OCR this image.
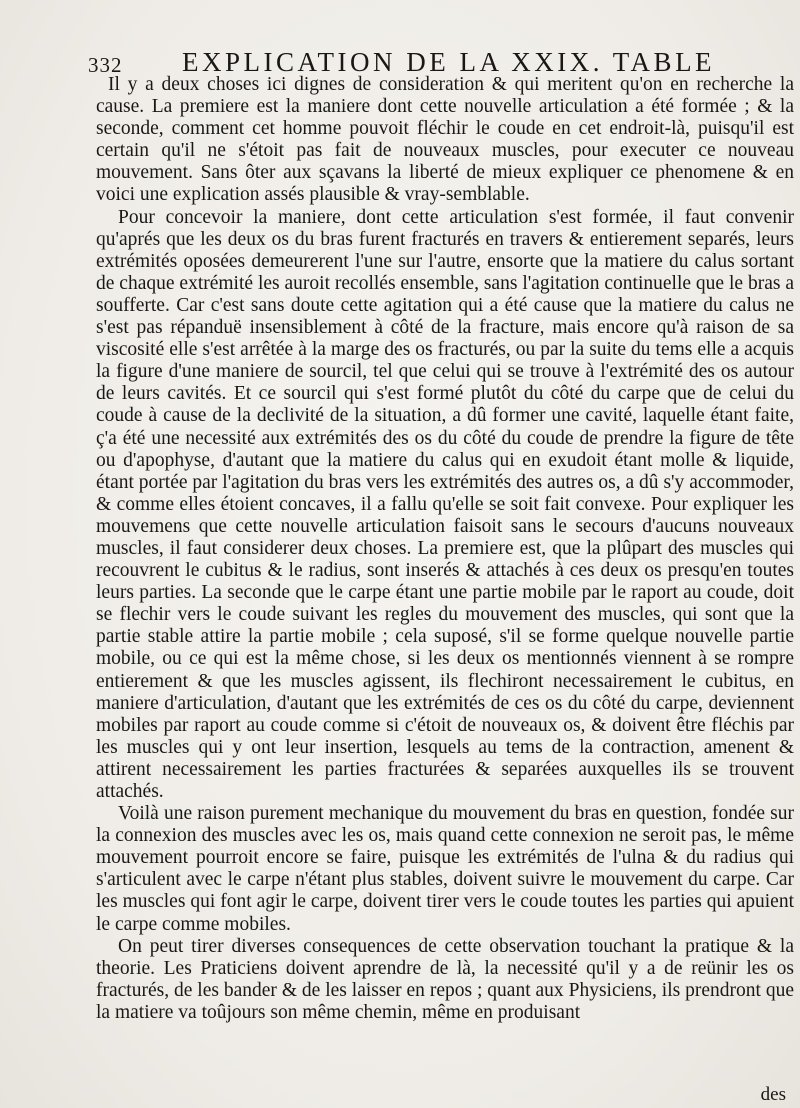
332 EXPLICATION DE LA XXIX. TABLE

Il y a deux choses ici dignes de consideration & qui meritent qu'on en recherche la cause. La premiere est la maniere dont cette nouvelle articulation a été formée ; & la seconde, comment cet homme pouvoit fléchir le coude en cet endroit-là, puisqu'il est certain qu'il ne s'étoit pas fait de nouveaux muscles, pour executer ce nouveau mouvement. Sans ôter aux sçavans la liberté de mieux expliquer ce phenomene & en voici une explication assés plausible & vray-semblable.

Pour concevoir la maniere, dont cette articulation s'est formée, il faut convenir qu'aprés que les deux os du bras furent fracturés en travers & entierement separés, leurs extrémités oposées demeurerent l'une sur l'autre, ensorte que la matiere du calus sortant de chaque extrémité les auroit recollés ensemble, sans l'agitation continuelle que le bras a soufferte. Car c'est sans doute cette agitation qui a été cause que la matiere du calus ne s'est pas répanduë insensiblement à côté de la fracture, mais encore qu'à raison de sa viscosité elle s'est arrêtée à la marge des os fracturés, ou par la suite du tems elle a acquis la figure d'une maniere de sourcil, tel que celui qui se trouve à l'extrémité des os autour de leurs cavités. Et ce sourcil qui s'est formé plutôt du côté du carpe que de celui du coude à cause de la declivité de la situation, a dû former une cavité, laquelle étant faite, ç'a été une necessité aux extrémités des os du côté du coude de prendre la figure de tête ou d'apophyse, d'autant que la matiere du calus qui en exudoit étant molle & liquide, étant portée par l'agitation du bras vers les extrémités des autres os, a dû s'y accommoder, & comme elles étoient concaves, il a fallu qu'elle se soit fait convexe. Pour expliquer les mouvemens que cette nouvelle articulation faisoit sans le secours d'aucuns nouveaux muscles, il faut considerer deux choses. La premiere est, que la plûpart des muscles qui recouvrent le cubitus & le radius, sont inserés & attachés à ces deux os presqu'en toutes leurs parties. La seconde que le carpe étant une partie mobile par le raport au coude, doit se flechir vers le coude suivant les regles du mouvement des muscles, qui sont que la partie stable attire la partie mobile ; cela suposé, s'il se forme quelque nouvelle partie mobile, ou ce qui est la même chose, si les deux os mentionnés viennent à se rompre entierement & que les muscles agissent, ils flechiront necessairement le cubitus, en maniere d'articulation, d'autant que les extrémités de ces os du côté du carpe, deviennent mobiles par raport au coude comme si c'étoit de nouveaux os, & doivent être fléchis par les muscles qui y ont leur insertion, lesquels au tems de la contraction, amenent & attirent necessairement les parties fracturées & separées auxquelles ils se trouvent attachés.

Voilà une raison purement mechanique du mouvement du bras en question, fondée sur la connexion des muscles avec les os, mais quand cette connexion ne seroit pas, le même mouvement pourroit encore se faire, puisque les extrémités de l'ulna & du radius qui s'articulent avec le carpe n'étant plus stables, doivent suivre le mouvement du carpe. Car les muscles qui font agir le carpe, doivent tirer vers le coude toutes les parties qui apuient le carpe comme mobiles.

On peut tirer diverses consequences de cette observation touchant la pratique & la theorie. Les Praticiens doivent aprendre de là, la necessité qu'il y a de reünir les os fracturés, de les bander & de les laisser en repos ; quant aux Physiciens, ils prendront que la matiere va toûjours son même chemin, même en produisant

des
